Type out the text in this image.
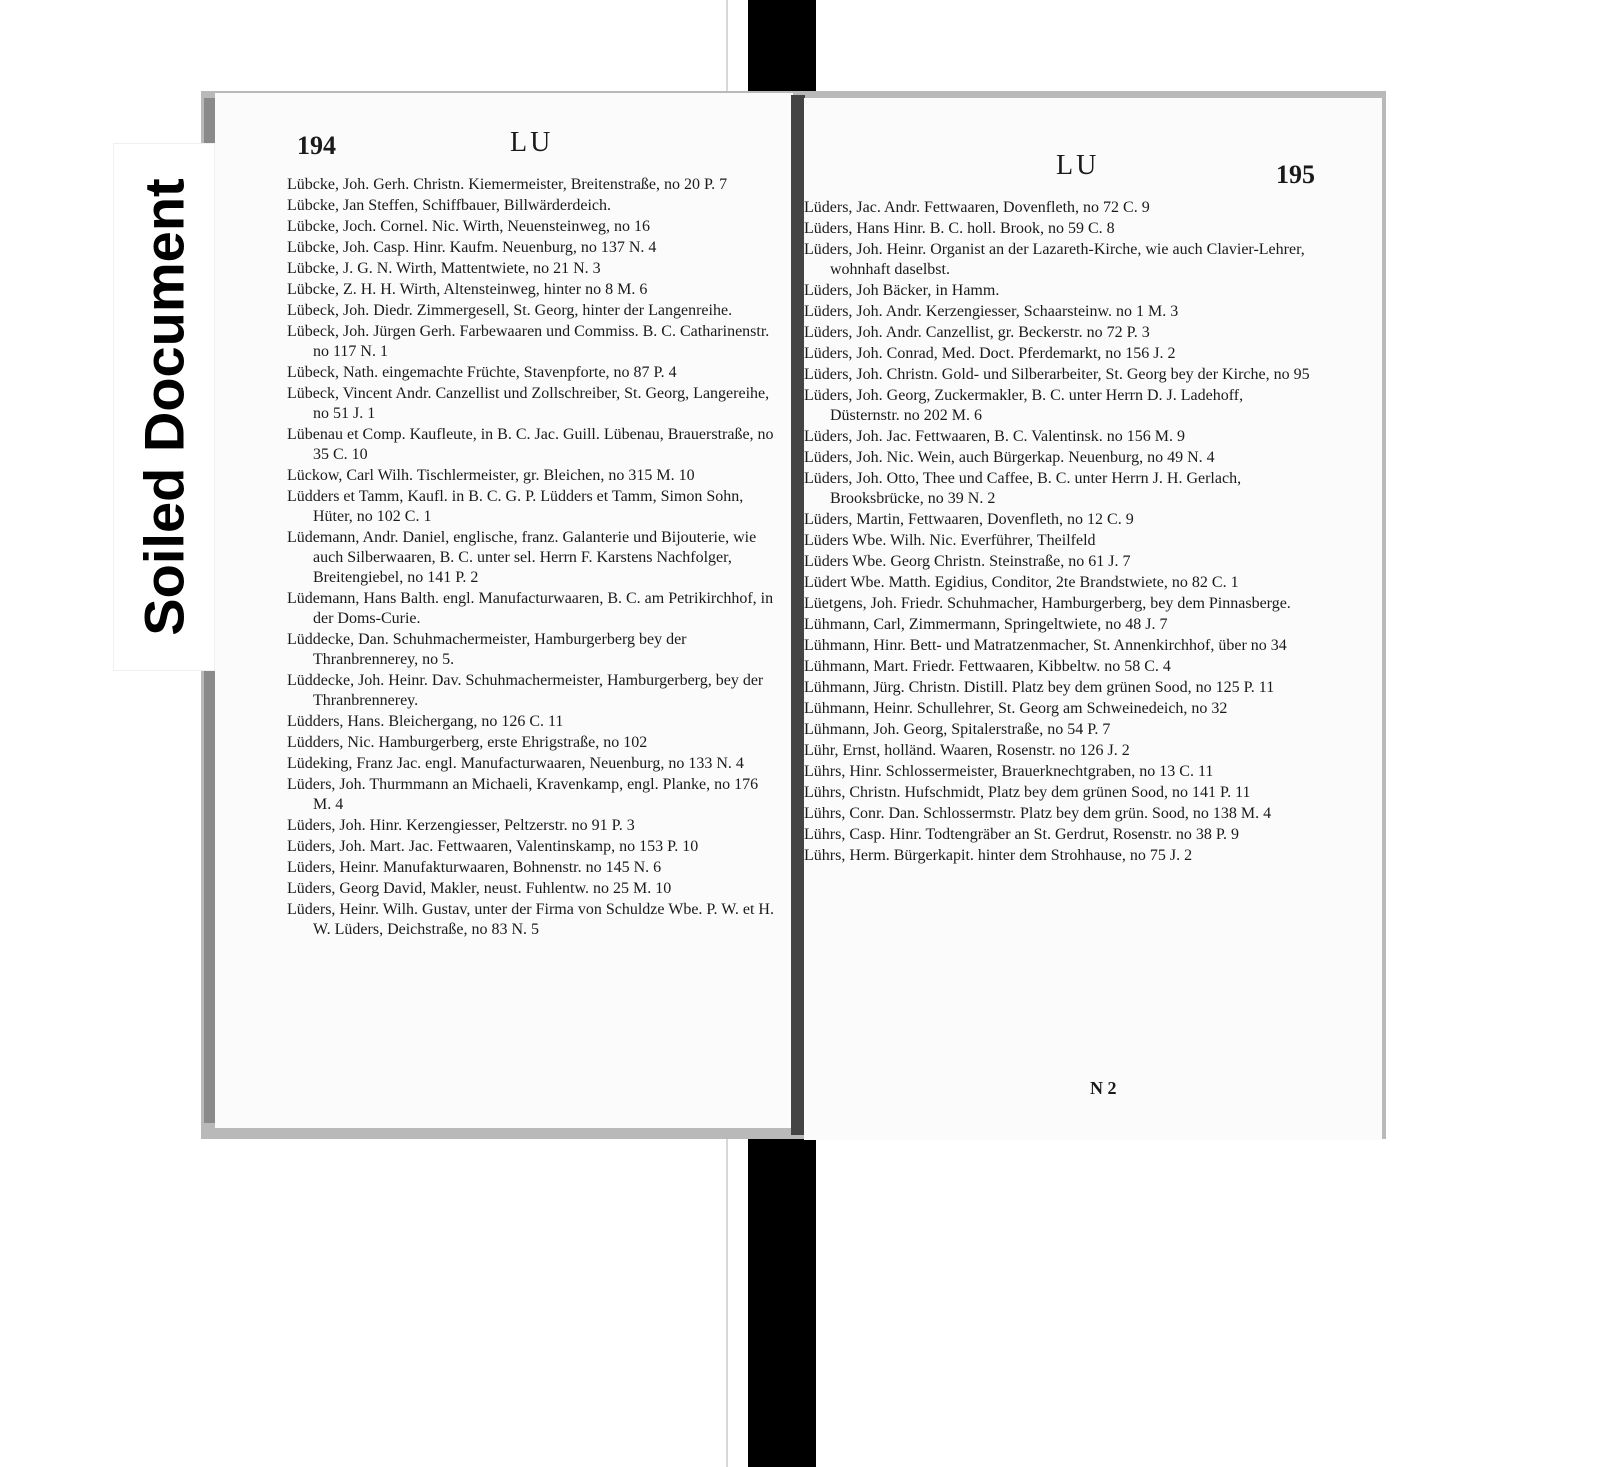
194	LU
Lübcke, Joh. Gerh. Christn. Kiemermeister, Breitenstraße, no 20 P. 7
Lübcke, Jan Steffen, Schiffbauer, Billwärderdeich.
Lübcke, Joch. Cornel. Nic. Wirth, Neuensteinweg, no 16
Lübcke, Joh. Casp. Hinr. Kaufm. Neuenburg, no 137 N. 4
Lübcke, J. G. N. Wirth, Mattentwiete, no 21 N. 3
Lübcke, Z. H. H. Wirth, Altensteinweg, hinter no 8 M. 6
Lübeck, Joh. Diedr. Zimmergesell, St. Georg, hinter der Langenreihe.
Lübeck, Joh. Jürgen Gerh. Farbewaaren und Commiss. B. C. Catharinenstr. no 117 N. 1
Lübeck, Nath. eingemachte Früchte, Stavenpforte, no 87 P. 4
Lübeck, Vincent Andr. Canzellist und Zollschreiber, St. Georg, Langereihe, no 51 J. 1
Lübenau et Comp. Kaufleute, in B. C. Jac. Guill. Lübenau, Brauerstraße, no 35 C. 10
Lückow, Carl Wilh. Tischlermeister, gr. Bleichen, no 315 M. 10
Lüdders et Tamm, Kaufl. in B. C. G. P. Lüdders et Tamm, Simon Sohn, Hüter, no 102 C. 1
Lüdemann, Andr. Daniel, englische, franz. Galanterie und Bijouterie, wie auch Silberwaaren, B. C. unter sel. Herrn F. Karstens Nachfolger, Breitengiebel, no 141 P. 2
Lüdemann, Hans Balth. engl. Manufacturwaaren, B. C. am Petrikirchhof, in der Doms-Curie.
Lüddecke, Dan. Schuhmachermeister, Hamburgerberg bey der Thranbrennerey, no 5.
Lüddecke, Joh. Heinr. Dav. Schuhmachermeister, Hamburgerberg, bey der Thranbrennerey.
Lüdders, Hans. Bleichergang, no 126 C. 11
Lüdders, Nic. Hamburgerberg, erste Ehrigstraße, no 102
Lüdeking, Franz Jac. engl. Manufacturwaaren, Neuenburg, no 133 N. 4
Lüders, Joh. Thurmmann an Michaeli, Kravenkamp, engl. Planke, no 176 M. 4
Lüders, Joh. Hinr. Kerzengiesser, Peltzerstr. no 91 P. 3
Lüders, Joh. Mart. Jac. Fettwaaren, Valentinskamp, no 153 P. 10
Lüders, Heinr. Manufakturwaaren, Bohnenstr. no 145 N. 6
Lüders, Georg David, Makler, neust. Fuhlentw. no 25 M. 10
Lüders, Heinr. Wilh. Gustav, unter der Firma von Schuldze Wbe. P. W. et H. W. Lüders, Deichstraße, no 83 N. 5
LU	195
Lüders, Jac. Andr. Fettwaaren, Dovenfleth, no 72 C. 9
Lüders, Hans Hinr. B. C. holl. Brook, no 59 C. 8
Lüders, Joh. Heinr. Organist an der Lazareth-Kirche, wie auch Clavier-Lehrer, wohnhaft daselbst.
Lüders, Joh Bäcker, in Hamm.
Lüders, Joh. Andr. Kerzengiesser, Schaarsteinw. no 1 M. 3
Lüders, Joh. Andr. Canzellist, gr. Beckerstr. no 72 P. 3
Lüders, Joh. Conrad, Med. Doct. Pferdemarkt, no 156 J. 2
Lüders, Joh. Christn. Gold- und Silberarbeiter, St. Georg bey der Kirche, no 95
Lüders, Joh. Georg, Zuckermakler, B. C. unter Herrn D. J. Ladehoff, Düsternstr. no 202 M. 6
Lüders, Joh. Jac. Fettwaaren, B. C. Valentinsk. no 156 M. 9
Lüders, Joh. Nic. Wein, auch Bürgerkap. Neuenburg, no 49 N. 4
Lüders, Joh. Otto, Thee und Caffee, B. C. unter Herrn J. H. Gerlach, Brooksbrücke, no 39 N. 2
Lüders, Martin, Fettwaaren, Dovenfleth, no 12 C. 9
Lüders Wbe. Wilh. Nic. Everführer, Theilfeld
Lüders Wbe. Georg Christn. Steinstraße, no 61 J. 7
Lüdert Wbe. Matth. Egidius, Conditor, 2te Brandstwiete, no 82 C. 1
Lüetgens, Joh. Friedr. Schuhmacher, Hamburgerberg, bey dem Pinnasberge.
Lühmann, Carl, Zimmermann, Springeltwiete, no 48 J. 7
Lühmann, Hinr. Bett- und Matratzenmacher, St. Annenkirchhof, über no 34
Lühmann, Mart. Friedr. Fettwaaren, Kibbeltw. no 58 C. 4
Lühmann, Jürg. Christn. Distill. Platz bey dem grünen Sood, no 125 P. 11
Lühmann, Heinr. Schullehrer, St. Georg am Schweinedeich, no 32
Lühmann, Joh. Georg, Spitalerstraße, no 54 P. 7
Lühr, Ernst, holländ. Waaren, Rosenstr. no 126 J. 2
Lührs, Hinr. Schlossermeister, Brauerknechtgraben, no 13 C. 11
Lührs, Christn. Hufschmidt, Platz bey dem grünen Sood, no 141 P. 11
Lührs, Conr. Dan. Schlossermstr. Platz bey dem grün. Sood, no 138 M. 4
Lührs, Casp. Hinr. Todtengräber an St. Gerdrut, Rosenstr. no 38 P. 9
Lührs, Herm. Bürgerkapit. hinter dem Strohhause, no 75 J. 2
N 2
Soiled Document
